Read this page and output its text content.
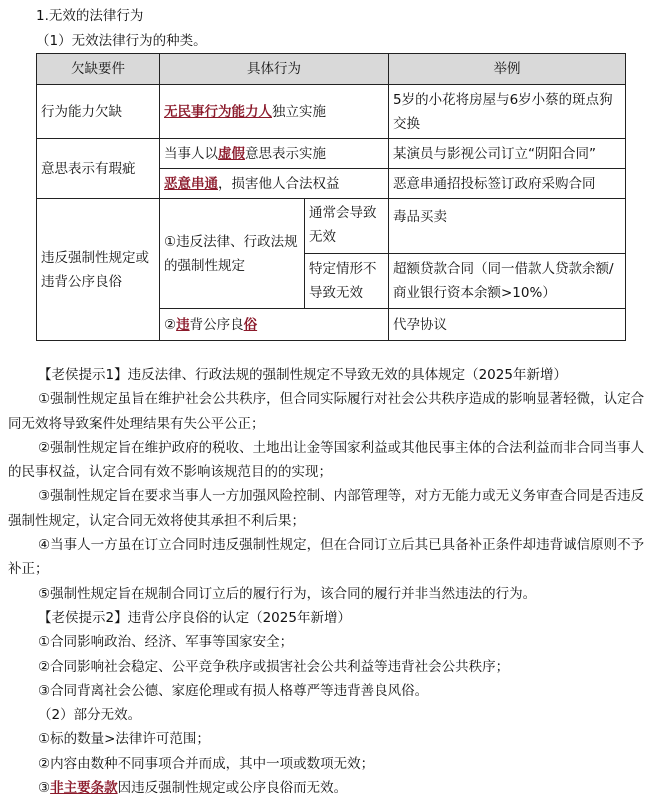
1.无效的法律行为
（1）无效法律行为的种类。
欠缺要件	具体行为		举例
行为能力欠缺	无民事行为能力人独立实施		5岁的小花将房屋与6岁小蔡的斑点狗交换
意思表示有瑕疵	当事人以虚假意思表示实施		某演员与影视公司订立“阴阳合同”
	恶意串通，损害他人合法权益		恶意串通招投标签订政府采购合同
违反强制性规定或违背公序良俗	①违反法律、行政法规的强制性规定	通常会导致无效	毒品买卖
		特定情形不导致无效	超额贷款合同（同一借款人贷款余额/商业银行资本余额>10%）
	②违背公序良俗		代孕协议

【老侯提示1】违反法律、行政法规的强制性规定不导致无效的具体规定（2025年新增）

①强制性规定虽旨在维护社会公共秩序，但合同实际履行对社会公共秩序造成的影响显著轻微，认定合同无效将导致案件处理结果有失公平公正；

②强制性规定旨在维护政府的税收、土地出让金等国家利益或其他民事主体的合法利益而非合同当事人的民事权益，认定合同有效不影响该规范目的的实现；

③强制性规定旨在要求当事人一方加强风险控制、内部管理等，对方无能力或无义务审查合同是否违反强制性规定，认定合同无效将使其承担不利后果；

④当事人一方虽在订立合同时违反强制性规定，但在合同订立后其已具备补正条件却违背诚信原则不予补正；

⑤强制性规定旨在规制合同订立后的履行行为，该合同的履行并非当然违法的行为。

【老侯提示2】违背公序良俗的认定（2025年新增）

①合同影响政治、经济、军事等国家安全；

②合同影响社会稳定、公平竞争秩序或损害社会公共利益等违背社会公共秩序；

③合同背离社会公德、家庭伦理或有损人格尊严等违背善良风俗。

（2）部分无效。

①标的数量>法律许可范围；

②内容由数种不同事项合并而成，其中一项或数项无效；

③非主要条款因违反强制性规定或公序良俗而无效。
